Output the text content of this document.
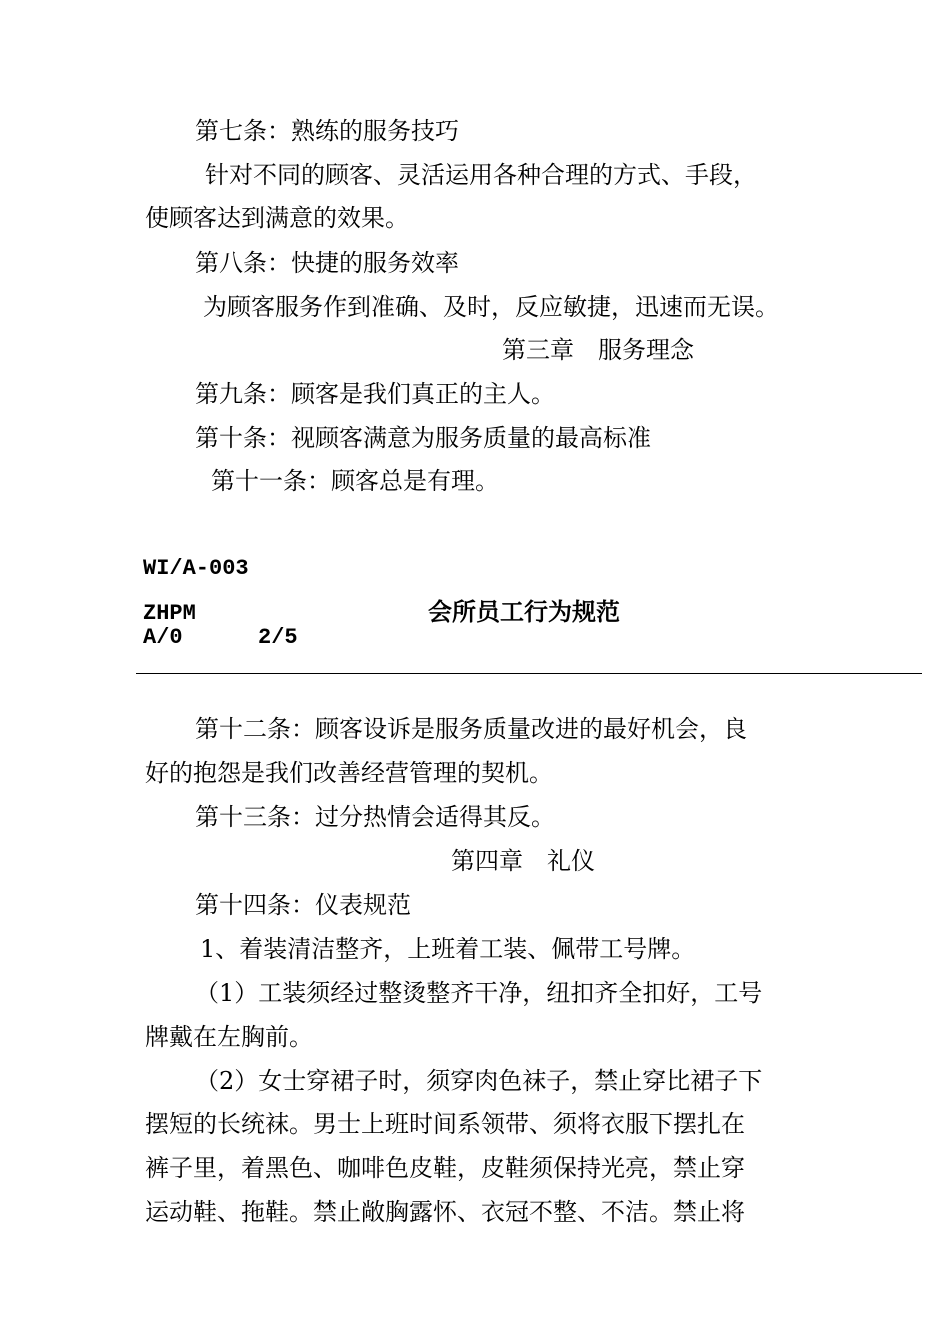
第七条：熟练的服务技巧
针对不同的顾客、灵活运用各种合理的方式、手段，
使顾客达到满意的效果。
第八条：快捷的服务效率
为顾客服务作到准确、及时，反应敏捷，迅速而无误。
第三章　服务理念
第九条：顾客是我们真正的主人。
第十条：视顾客满意为服务质量的最高标准
第十一条：顾客总是有理。
WI/A-003
ZHPM	会所员工行为规范
A/0	2/5
第十二条：顾客设诉是服务质量改进的最好机会，良
好的抱怨是我们改善经营管理的契机。
第十三条：过分热情会适得其反。
第四章　礼仪
第十四条：仪表规范
1、着装清洁整齐，上班着工装、佩带工号牌。
（1）工装须经过整烫整齐干净，纽扣齐全扣好，工号
牌戴在左胸前。
（2）女士穿裙子时，须穿肉色袜子，禁止穿比裙子下
摆短的长统袜。男士上班时间系领带、须将衣服下摆扎在
裤子里，着黑色、咖啡色皮鞋，皮鞋须保持光亮，禁止穿
运动鞋、拖鞋。禁止敞胸露怀、衣冠不整、不洁。禁止将
